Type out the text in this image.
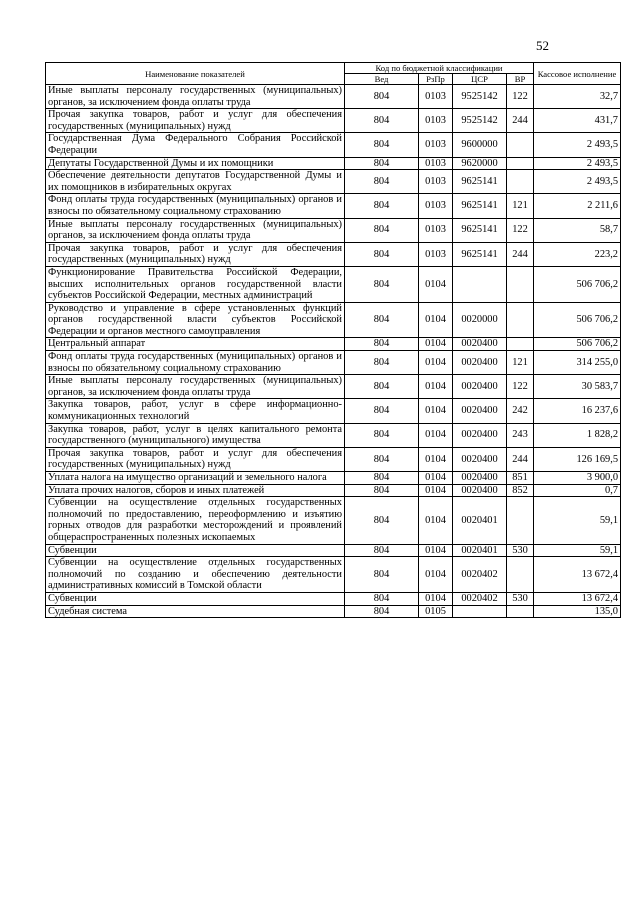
52
Наименование показателей	Код по бюджетной классификации				Кассовое исполнение
	Вед	РзПр	ЦСР	ВР	
Иные выплаты персоналу государственных (муниципальных) органов, за исключением фонда оплаты труда	804	0103	9525142	122	32,7
Прочая закупка товаров, работ и услуг для обеспечения государственных (муниципальных) нужд	804	0103	9525142	244	431,7
Государственная Дума Федерального Собрания Российской Федерации	804	0103	9600000		2 493,5
Депутаты Государственной Думы и их помощники	804	0103	9620000		2 493,5
Обеспечение деятельности депутатов Государственной Думы и их помощников в избирательных округах	804	0103	9625141		2 493,5
Фонд оплаты труда государственных (муниципальных) органов и взносы по обязательному социальному страхованию	804	0103	9625141	121	2 211,6
Иные выплаты персоналу государственных (муниципальных) органов, за исключением фонда оплаты труда	804	0103	9625141	122	58,7
Прочая закупка товаров, работ и услуг для обеспечения государственных (муниципальных) нужд	804	0103	9625141	244	223,2
Функционирование Правительства Российской Федерации, высших исполнительных органов государственной власти субъектов Российской Федерации, местных администраций	804	0104			506 706,2
Руководство и управление в сфере установленных функций органов государственной власти субъектов Российской Федерации и органов местного самоуправления	804	0104	0020000		506 706,2
Центральный аппарат	804	0104	0020400		506 706,2
Фонд оплаты труда государственных (муниципальных) органов и взносы по обязательному социальному страхованию	804	0104	0020400	121	314 255,0
Иные выплаты персоналу государственных (муниципальных) органов, за исключением фонда оплаты труда	804	0104	0020400	122	30 583,7
Закупка товаров, работ, услуг в сфере информационно-коммуникационных технологий	804	0104	0020400	242	16 237,6
Закупка товаров, работ, услуг в целях капитального ремонта государственного (муниципального) имущества	804	0104	0020400	243	1 828,2
Прочая закупка товаров, работ и услуг для обеспечения государственных (муниципальных) нужд	804	0104	0020400	244	126 169,5
Уплата налога на имущество организаций и земельного налога	804	0104	0020400	851	3 900,0
Уплата прочих налогов, сборов и иных платежей	804	0104	0020400	852	0,7
Субвенции на осуществление отдельных государственных полномочий по предоставлению, переоформлению и изъятию горных отводов для разработки месторождений и проявлений общераспространенных полезных ископаемых	804	0104	0020401		59,1
Субвенции	804	0104	0020401	530	59,1
Субвенции на осуществление отдельных государственных полномочий по созданию и обеспечению деятельности административных комиссий в Томской области	804	0104	0020402		13 672,4
Субвенции	804	0104	0020402	530	13 672,4
Судебная система	804	0105			135,0
